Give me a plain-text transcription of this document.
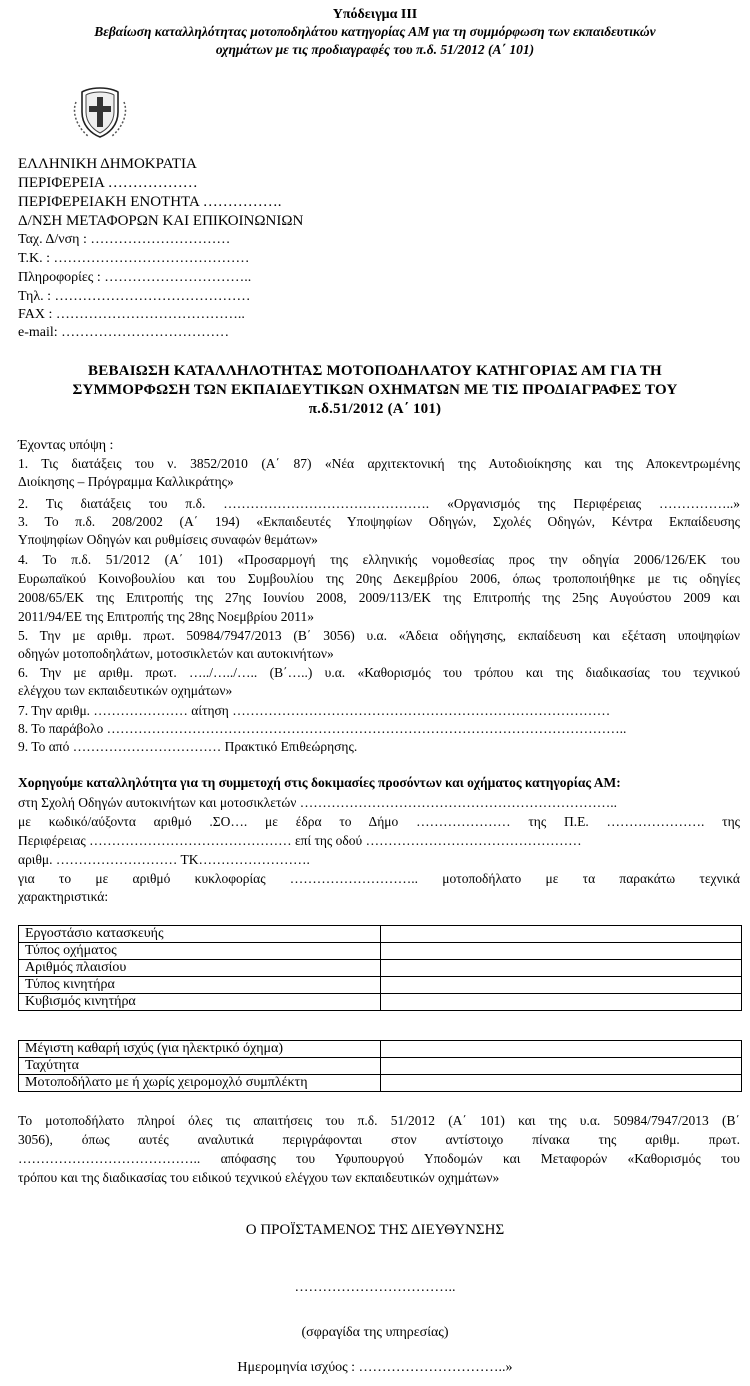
Υπόδειγμα ΙΙΙ
Βεβαίωση καταλληλότητας μοτοποδηλάτου κατηγορίας ΑΜ για τη συμμόρφωση των εκπαιδευτικών
οχημάτων με τις προδιαγραφές του π.δ. 51/2012 (Α΄ 101)
ΕΛΛΗΝΙΚΗ ΔΗΜΟΚΡΑΤΙΑ
ΠΕΡΙΦΕΡΕΙΑ ………………
ΠΕΡΙΦΕΡΕΙΑΚΗ ΕΝΟΤΗΤΑ …………….
Δ/ΝΣΗ ΜΕΤΑΦΟΡΩΝ ΚΑΙ ΕΠΙΚΟΙΝΩΝΙΩΝ
Ταχ. Δ/νση : …………………………
Τ.Κ. : ……………………………………
Πληροφορίες : …………………………..
Τηλ. : ……………………………………
FAX : …………………………………..
e-mail: ………………………………
ΒΕΒΑΙΩΣΗ ΚΑΤΑΛΛΗΛΟΤΗΤΑΣ ΜΟΤΟΠΟΔΗΛΑΤΟΥ ΚΑΤΗΓΟΡΙΑΣ ΑΜ ΓΙΑ ΤΗ
ΣΥΜΜΟΡΦΩΣΗ ΤΩΝ ΕΚΠΑΙΔΕΥΤΙΚΩΝ ΟΧΗΜΑΤΩΝ ΜΕ ΤΙΣ ΠΡΟΔΙΑΓΡΑΦΕΣ ΤΟΥ
π.δ.51/2012 (Α΄ 101)
Έχοντας υπόψη :
1. Τις διατάξεις του ν. 3852/2010 (Α΄ 87) «Νέα αρχιτεκτονική της Αυτοδιοίκησης και της Αποκεντρωμένης
Διοίκησης – Πρόγραμμα Καλλικράτης»
2. Τις διατάξεις του π.δ. ………………………………………. «Οργανισμός της Περιφέρειας ……………..»
3. Το π.δ. 208/2002 (Α΄ 194) «Εκπαιδευτές Υποψηφίων Οδηγών, Σχολές Οδηγών, Κέντρα Εκπαίδευσης
Υποψηφίων Οδηγών και ρυθμίσεις συναφών θεμάτων»
4. Το π.δ. 51/2012 (Α΄ 101) «Προσαρμογή της ελληνικής νομοθεσίας προς την οδηγία 2006/126/ΕΚ του
Ευρωπαϊκού Κοινοβουλίου και του Συμβουλίου της 20ης Δεκεμβρίου 2006, όπως τροποποιήθηκε με τις οδηγίες
2008/65/ΕΚ της Επιτροπής της 27ης Ιουνίου 2008, 2009/113/ΕΚ της Επιτροπής της 25ης Αυγούστου 2009 και
2011/94/ΕΕ της Επιτροπής της 28ης Νοεμβρίου 2011»
5. Την με αριθμ. πρωτ. 50984/7947/2013 (Β΄ 3056) υ.α. «Άδεια οδήγησης, εκπαίδευση και εξέταση υποψηφίων
οδηγών μοτοποδηλάτων, μοτοσικλετών και αυτοκινήτων»
6. Την με αριθμ. πρωτ. …../…../….. (Β΄…..) υ.α. «Καθορισμός του τρόπου και της διαδικασίας του τεχνικού
ελέγχου των εκπαιδευτικών οχημάτων»
7. Την αριθμ. ………………… αίτηση …………………………………………………………………………
8. Το παράβολο ……………………………………………………………………………………………………..
9. Το από …………………………… Πρακτικό Επιθεώρησης.
Χορηγούμε καταλληλότητα για τη συμμετοχή στις δοκιμασίες προσόντων και οχήματος κατηγορίας ΑΜ:
στη Σχολή Οδηγών αυτοκινήτων και μοτοσικλετών ……………………………………………………………..
με κωδικό/αύξοντα αριθμό .ΣΟ…. με έδρα το Δήμο ………………… της Π.Ε. …………………. της
Περιφέρειας ……………………………………… επί της οδού …………………………………………
αριθμ. ……………………… ΤΚ…………………….
για το με αριθμό κυκλοφορίας ……………………….. μοτοποδήλατο με τα παρακάτω τεχνικά
χαρακτηριστικά:
Εργοστάσιο κατασκευής	
Τύπος οχήματος	
Αριθμός πλαισίου	
Τύπος κινητήρα	
Κυβισμός κινητήρα	
Μέγιστη καθαρή ισχύς (για ηλεκτρικό όχημα)	
Ταχύτητα	
Μοτοποδήλατο με ή χωρίς χειρομοχλό συμπλέκτη	
Το μοτοποδήλατο πληροί όλες τις απαιτήσεις του π.δ. 51/2012 (Α΄ 101) και της υ.α. 50984/7947/2013 (Β΄
3056), όπως αυτές αναλυτικά περιγράφονται στον αντίστοιχο πίνακα της αριθμ. πρωτ.
………………………………….. απόφασης του Υφυπουργού Υποδομών και Μεταφορών «Καθορισμός του
τρόπου και της διαδικασίας του ειδικού τεχνικού ελέγχου των εκπαιδευτικών οχημάτων»
Ο ΠΡΟΪΣΤΑΜΕΝΟΣ ΤΗΣ ΔΙΕΥΘΥΝΣΗΣ
……………………………..
(σφραγίδα της υπηρεσίας)
Ημερομηνία ισχύος : …………………………..»
